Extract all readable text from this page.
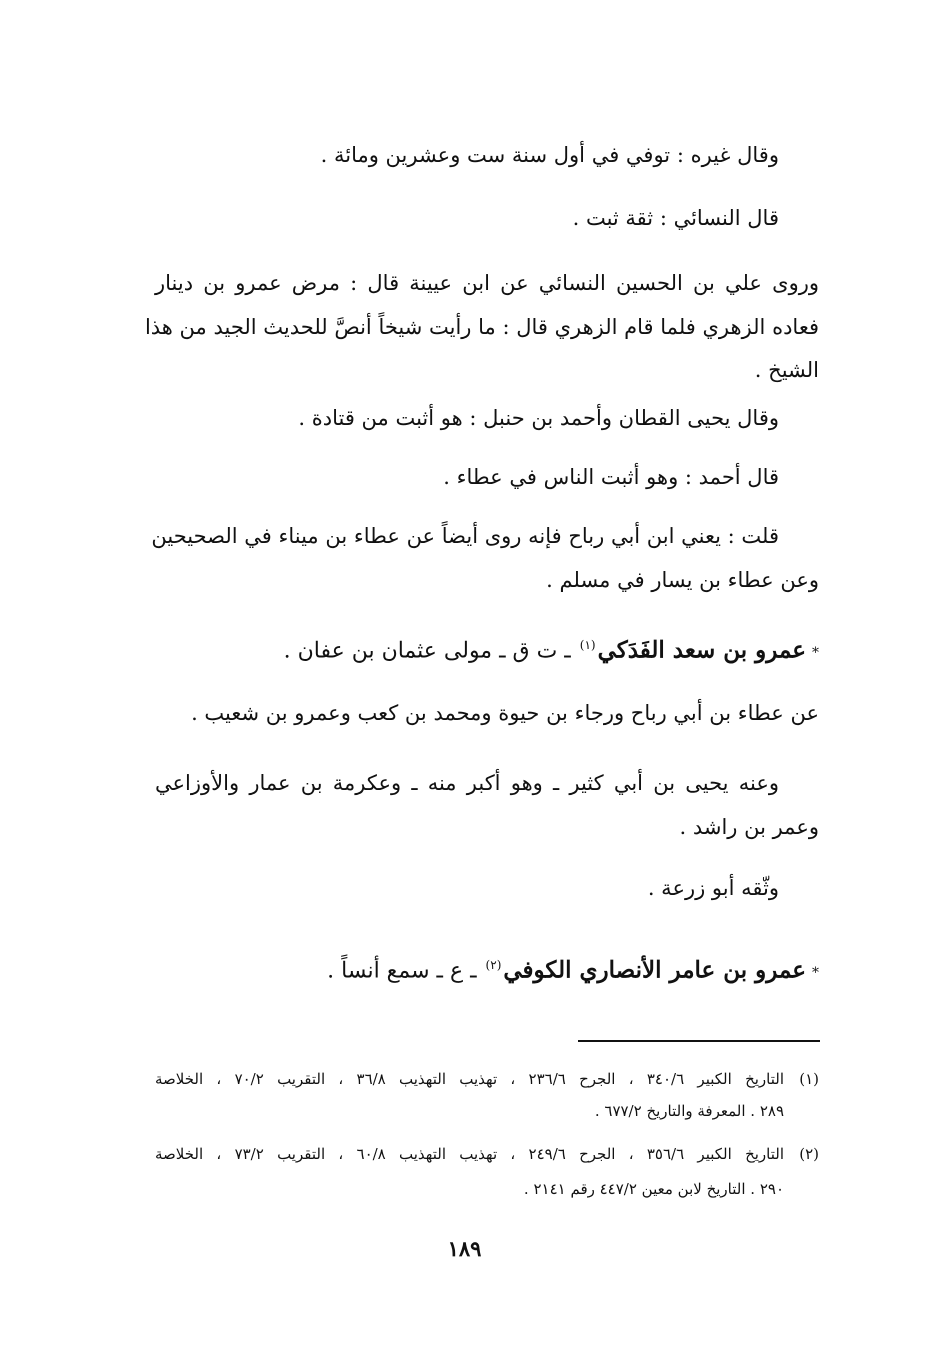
وقال غيره : توفي في أول سنة ست وعشرين ومائة .
قال النسائي : ثقة ثبت .
وروى علي بن الحسين النسائي عن ابن عيينة قال : مرض عمرو بن دينار
فعاده الزهري فلما قام الزهري قال : ما رأيت شيخاً أنصَّ للحديث الجيد من هذا
الشيخ .
وقال يحيى القطان وأحمد بن حنبل : هو أثبت من قتادة .
قال أحمد : وهو أثبت الناس في عطاء .
قلت : يعني ابن أبي رباح فإنه روى أيضاً عن عطاء بن ميناء في الصحيحين
وعن عطاء بن يسار في مسلم .
*عمرو بن سعد الفَدَكي$^{(١)}$ ـ ت ق ـ مولى عثمان بن عفان .
عن عطاء بن أبي رباح ورجاء بن حيوة ومحمد بن كعب وعمرو بن شعيب .
وعنه يحيى بن أبي كثير ـ وهو أكبر منه ـ وعكرمة بن عمار والأوزاعي
وعمر بن راشد .
وثّقه أبو زرعة .
*عمرو بن عامر الأنصاري الكوفي$^{(٢)}$ ـ ع ـ سمع أنساً .
(١)
التاريخ الكبير ٣٤٠/٦ ، الجرح ٢٣٦/٦ ، تهذيب التهذيب ٣٦/٨ ، التقريب ٧٠/٢ ، الخلاصة
٢٨٩ . المعرفة والتاريخ ٦٧٧/٢ .
(٢)
التاريخ الكبير ٣٥٦/٦ ، الجرح ٢٤٩/٦ ، تهذيب التهذيب ٦٠/٨ ، التقريب ٧٣/٢ ، الخلاصة
٢٩٠ . التاريخ لابن معين ٤٤٧/٢ رقم ٢١٤١ .
١٨٩
